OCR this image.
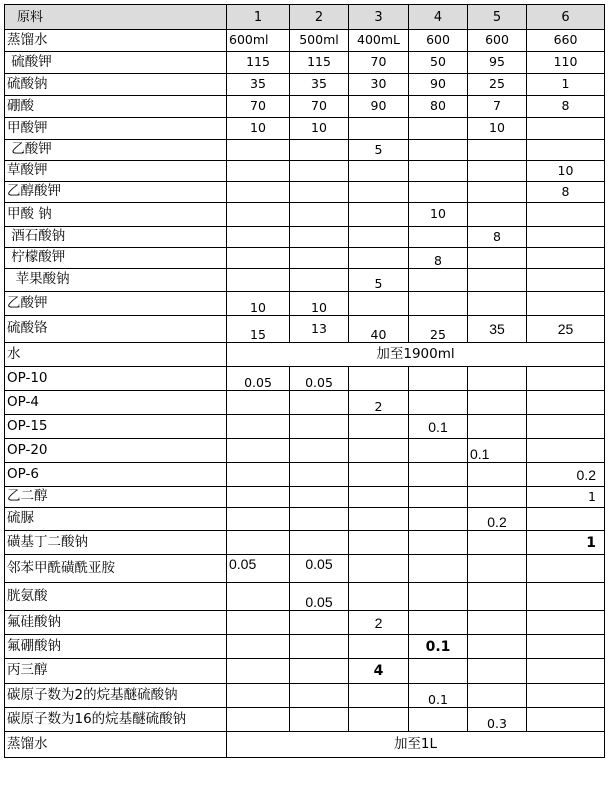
原料	1	2	3	4	5	6
蒸馏水	600ml	500ml	400mL	600	600	660
硫酸钾	115	115	70	50	95	110
硫酸钠	35	35	30	90	25	1
硼酸	70	70	90	80	7	8
甲酸钾	10	10			10	
乙酸钾			5			
草酸钾						10
乙醇酸钾						8
甲酸 钠				10		
酒石酸钠					8	
柠檬酸钾				8		
苹果酸钠			5			
乙酸钾	10	10				
硫酸铬	15	13	40	25	35	25
水	加至1900ml					
OP-10	0.05	0.05				
OP-4			2			
OP-15				0.1		
OP-20					0.1	
OP-6						0.2
乙二醇						1
硫脲					0.2	
磺基丁二酸钠						1
邻苯甲酰磺酰亚胺	0.05	0.05				
胱氨酸		0.05				
氟硅酸钠			2			
氟硼酸钠				0.1		
丙三醇			4			
碳原子数为2的烷基醚硫酸钠				0.1		
碳原子数为16的烷基醚硫酸钠					0.3	
蒸馏水	加至1L					
